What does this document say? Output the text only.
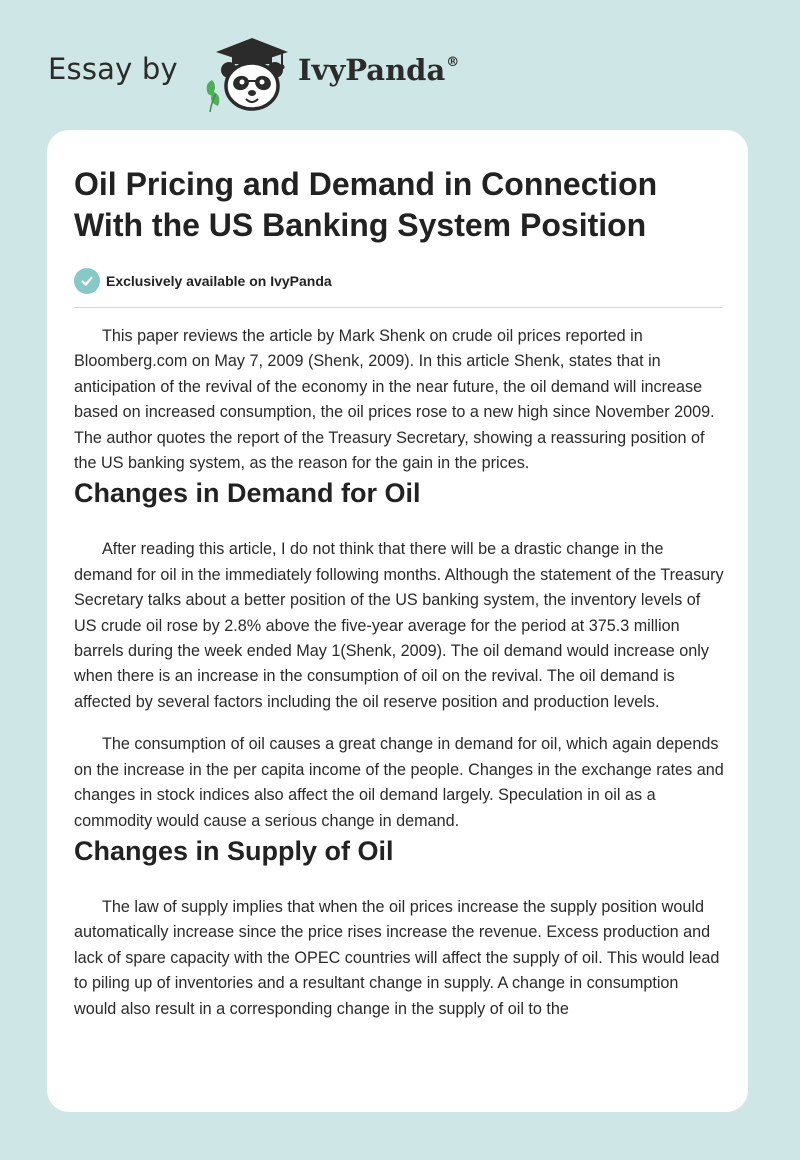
Essay by	IvyPanda®
Oil Pricing and Demand in Connection With the US Banking System Position
Exclusively available on IvyPanda

This paper reviews the article by Mark Shenk on crude oil prices reported in Bloomberg.com on May 7, 2009 (Shenk, 2009). In this article Shenk, states that in anticipation of the revival of the economy in the near future, the oil demand will increase based on increased consumption, the oil prices rose to a new high since November 2009. The author quotes the report of the Treasury Secretary, showing a reassuring position of the US banking system, as the reason for the gain in the prices.

Changes in Demand for Oil

After reading this article, I do not think that there will be a drastic change in the demand for oil in the immediately following months. Although the statement of the Treasury Secretary talks about a better position of the US banking system, the inventory levels of US crude oil rose by 2.8% above the five-year average for the period at 375.3 million barrels during the week ended May 1(Shenk, 2009). The oil demand would increase only when there is an increase in the consumption of oil on the revival. The oil demand is affected by several factors including the oil reserve position and production levels.

The consumption of oil causes a great change in demand for oil, which again depends on the increase in the per capita income of the people. Changes in the exchange rates and changes in stock indices also affect the oil demand largely. Speculation in oil as a commodity would cause a serious change in demand.

Changes in Supply of Oil

The law of supply implies that when the oil prices increase the supply position would automatically increase since the price rises increase the revenue. Excess production and lack of spare capacity with the OPEC countries will affect the supply of oil. This would lead to piling up of inventories and a resultant change in supply. A change in consumption would also result in a corresponding change in the supply of oil to the
